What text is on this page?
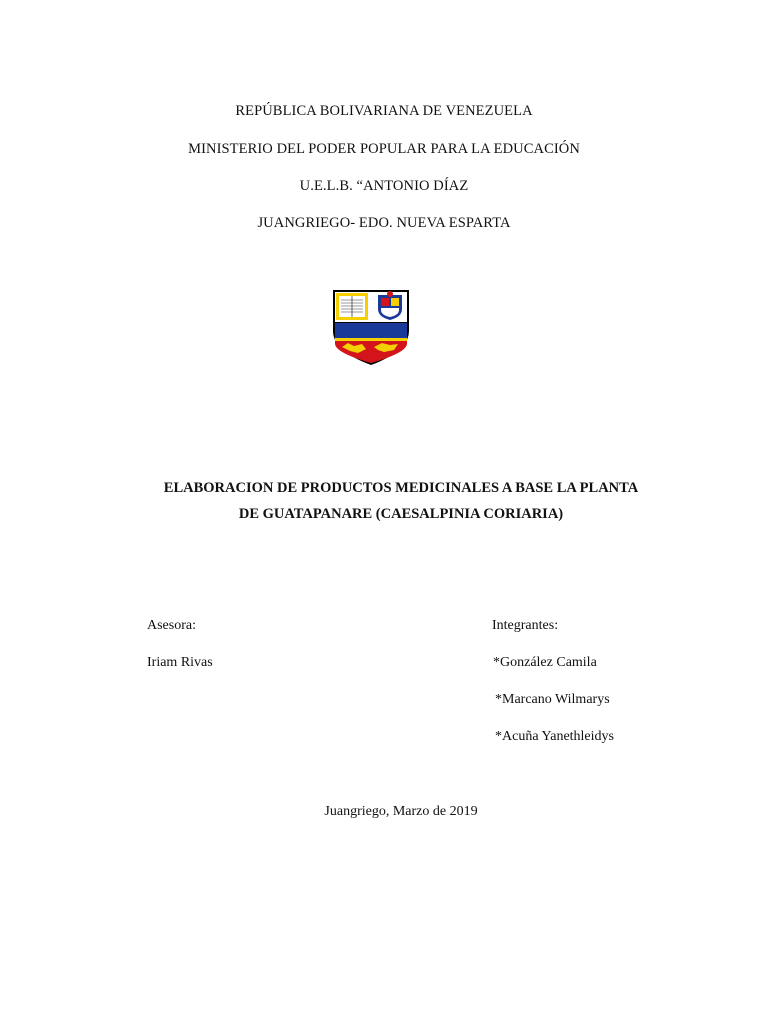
REPÚBLICA BOLIVARIANA DE VENEZUELA
MINISTERIO DEL PODER POPULAR PARA LA EDUCACIÓN
U.E.L.B. “ANTONIO DÍAZ
JUANGRIEGO- EDO. NUEVA ESPARTA
ELABORACION DE PRODUCTOS MEDICINALES A BASE LA PLANTA
DE GUATAPANARE (CAESALPINIA CORIARIA)
Asesora:
Iriam Rivas
Integrantes:
*González Camila
*Marcano Wilmarys
*Acuña Yanethleidys
Juangriego, Marzo de 2019
